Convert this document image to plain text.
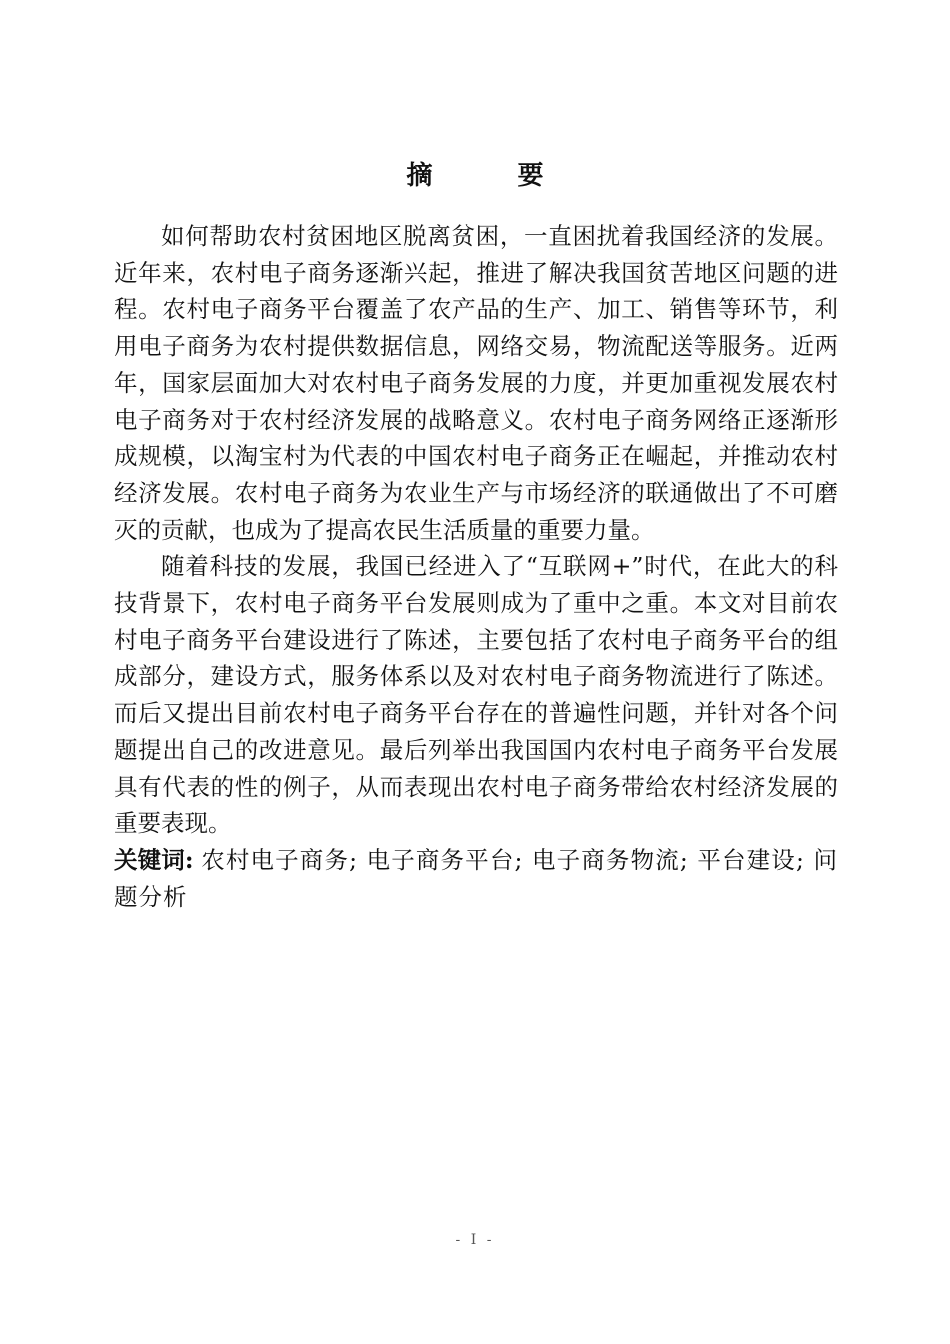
摘 要

如何帮助农村贫困地区脱离贫困，一直困扰着我国经济的发展。近年来，农村电子商务逐渐兴起，推进了解决我国贫苦地区问题的进程。农村电子商务平台覆盖了农产品的生产、加工、销售等环节，利用电子商务为农村提供数据信息，网络交易，物流配送等服务。近两年，国家层面加大对农村电子商务发展的力度，并更加重视发展农村电子商务对于农村经济发展的战略意义。农村电子商务网络正逐渐形成规模，以淘宝村为代表的中国农村电子商务正在崛起，并推动农村经济发展。农村电子商务为农业生产与市场经济的联通做出了不可磨灭的贡献，也成为了提高农民生活质量的重要力量。

随着科技的发展，我国已经进入了“互联网+”时代，在此大的科技背景下，农村电子商务平台发展则成为了重中之重。本文对目前农村电子商务平台建设进行了陈述，主要包括了农村电子商务平台的组成部分，建设方式，服务体系以及对农村电子商务物流进行了陈述。而后又提出目前农村电子商务平台存在的普遍性问题，并针对各个问题提出自己的改进意见。最后列举出我国国内农村电子商务平台发展具有代表的性的例子，从而表现出农村电子商务带给农村经济发展的重要表现。

关键词: 农村电子商务; 电子商务平台; 电子商务物流; 平台建设; 问题分析

- I -
